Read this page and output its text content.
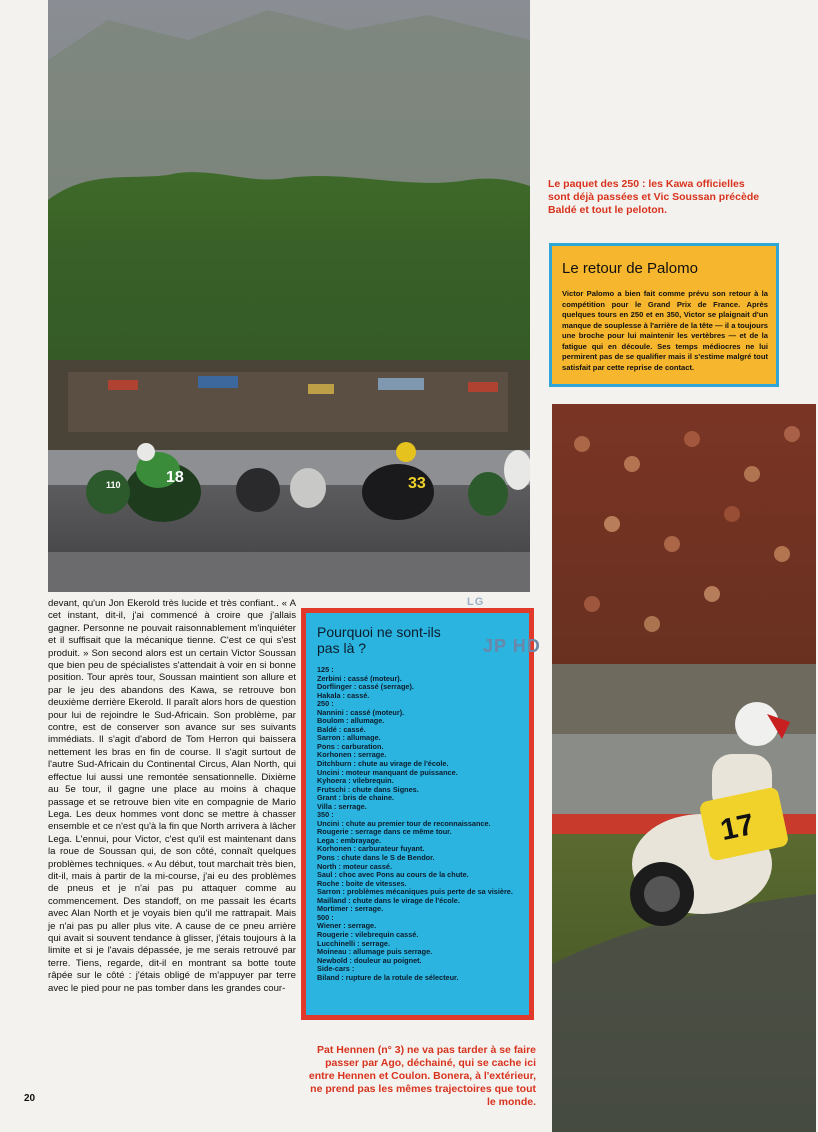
18	33
110
17
Le paquet des 250 : les Kawa officielles sont déjà passées et Vic Soussan précède Baldé et tout le peloton.
Le retour de Palomo
Victor Palomo a bien fait comme prévu son retour à la compétition pour le Grand Prix de France. Après quelques tours en 250 et en 350, Victor se plaignait d'un manque de souplesse à l'arrière de la tête — il a toujours une broche pour lui maintenir les vertèbres — et de la fatigue qui en découle. Ses temps médiocres ne lui permirent pas de se qualifier mais il s'estime malgré tout satisfait par cette reprise de contact.

devant, qu'un Jon Ekerold très lucide et très confiant.. « A cet instant, dit-il, j'ai commencé à croire que j'allais gagner. Personne ne pouvait raisonnablement m'inquiéter et il suffisait que la mécanique tienne. C'est ce qui s'est produit. » Son second alors est un certain Victor Soussan que bien peu de spécialistes s'attendait à voir en si bonne position. Tour après tour, Soussan maintient son allure et par le jeu des abandons des Kawa, se retrouve bon deuxième derrière Ekerold. Il paraît alors hors de question pour lui de rejoindre le Sud-Africain. Son problème, par contre, est de conserver son avance sur ses suivants immédiats. Il s'agit d'abord de Tom Herron qui baissera nettement les bras en fin de course. Il s'agit surtout de l'autre Sud-Africain du Continental Circus, Alan North, qui effectue lui aussi une remontée sensationnelle. Dixième au 5e tour, il gagne une place au moins à chaque passage et se retrouve bien vite en compagnie de Mario Lega. Les deux hommes vont donc se mettre à chasser ensemble et ce n'est qu'à la fin que North arrivera à lâcher Lega. L'ennui, pour Victor, c'est qu'il est maintenant dans la roue de Soussan qui, de son côté, connaît quelques problèmes techniques. « Au début, tout marchait très bien, dit-il, mais à partir de la mi-course, j'ai eu des problèmes de pneus et je n'ai pas pu attaquer comme au commencement. Des standoff, on me passait les écarts avec Alan North et je voyais bien qu'il me rattrapait. Mais je n'ai pas pu aller plus vite. A cause de ce pneu arrière qui avait si souvent tendance à glisser, j'étais toujours à la limite et si je l'avais dépassée, je me serais retrouvé par terre. Tiens, regarde, dit-il en montrant sa botte toute râpée sur le côté : j'étais obligé de m'appuyer par terre avec le pied pour ne pas tomber dans les grandes cour-

Pourquoi ne sont-ils pas là ?
125 :
Zerbini : cassé (moteur).
Dorflinger : cassé (serrage).
Hakala : cassé.
250 :
Nannini : cassé (moteur).
Boulom : allumage.
Baldé : cassé.
Sarron : allumage.
Pons : carburation.
Korhonen : serrage.
Ditchburn : chute au virage de l'école.
Uncini : moteur manquant de puissance.
Kyhoera : vilebrequin.
Frutschi : chute dans Signes.
Grant : bris de chaine.
Villa : serrage.
350 :
Uncini : chute au premier tour de reconnaissance.
Rougerie : serrage dans ce même tour.
Lega : embrayage.
Korhonen : carburateur fuyant.
Pons : chute dans le S de Bendor.
North : moteur cassé.
Saul : choc avec Pons au cours de la chute.
Roche : boite de vitesses.
Sarron : problèmes mécaniques puis perte de sa visière.
Mailland : chute dans le virage de l'école.
Mortimer : serrage.
500 :
Wiener : serrage.
Rougerie : vilebrequin cassé.
Lucchinelli : serrage.
Moineau : allumage puis serrage.
Newbold : douleur au poignet.
Side-cars :
Biland : rupture de la rotule de sélecteur.
LG
JP HD
Pat Hennen (n° 3) ne va pas tarder à se faire passer par Ago, déchainé, qui se cache ici entre Hennen et Coulon. Bonera, à l'extérieur, ne prend pas les mêmes trajectoires que tout le monde.
20
